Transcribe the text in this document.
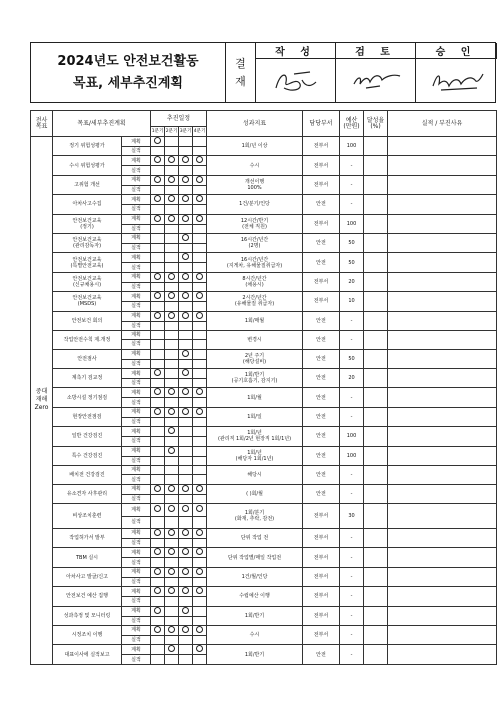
2024년도 안전보건활동
목표, 세부추진계획
결
재
작 성	검 토	승 인
전사
목표	목표/세부추진계획		추진일정				성과지표	담당부서	예산
(만원)	달성율
(%)	실적 / 부진사유
			1분기	2분기	3분기	4분기					
중대
재해
Zero	정기 위험성평가	계획					1회/년 이상	전부서	100		
		실적									
	수시 위험성평가	계획					수시	전부서	-		
		실적									
	고위험 개선	계획					개선이행
100%	전부서	-		
		실적									
	아차사고수집	계획					1건/분기/인당	안전	-		
		실적									
	안전보건교육
(정기)	계획					12시간/반기
(전체 직원)	전부서	100		
		실적									
	안전보건교육
(관리감독자)	계획					16시간/년간
(2명)	안전	50		
		실적									
	안전보건교육
(특별안전교육)	계획					16시간/년간
(지게차, 유해물질취급자)	안전	50		
		실적									
	안전보건교육
(신규채용시)	계획					8시간/년간
(채용시)	전부서	20		
		실적									
	안전보건교육
(MSDS)	계획					2시간/년간
(유해물질 취급자)	전부서	10		
		실적									
	안전보건 회의	계획					1회/매월	안전	-		
		실적									
	작업안전수칙 제.개정	계획					변경시	안전	-		
		실적									
	안전점사	계획					2년 주기
(해당설비)	안전	50		
		실적									
	계측기 검교정	계획					1회/반기
(공기호흡기, 감지기)	안전	20		
		실적									
	소방시설 정기점검	계획					1회/월	안전	-		
		실적									
	현장안전점검	계획					1회/일	안전	-		
		실적									
	일반 건강검진	계획					1회/년
(관리직 1회/2년 현장직 1회/1년)	안전	100		
		실적									
	특수 건강검진	계획					1회/년
(해당자 1회/1년)	안전	100		
		실적									
	배치전 건강검진	계획					해당시	안전	-		
		실적									
	유소견자 사후관리	계획					( )회/월	안전	-		
		실적									
	비상조치훈련	계획					1회/분기
(화재, 추락, 감전)	전부서	30		
		실적									
	작업허가서 발부	계획					단위 작업 전	전부서	-		
		실적									
	TBM 실시	계획					단위 작업별/매일 작업전	전부서	-		
		실적									
	아차사고 발굴/신고	계획					1건/월/인당	전부서	-		
		실적									
	안전보건 예산 집행	계획					수립예산 이행	전부서	-		
		실적									
	성과측정 및 모니터링	계획					1회/반기	전부서	-		
		실적									
	시정조치 이행	계획					수시	전부서	-		
		실적									
	대표이사에 실적보고	계획					1회/반기	안전	-		
		실적									
